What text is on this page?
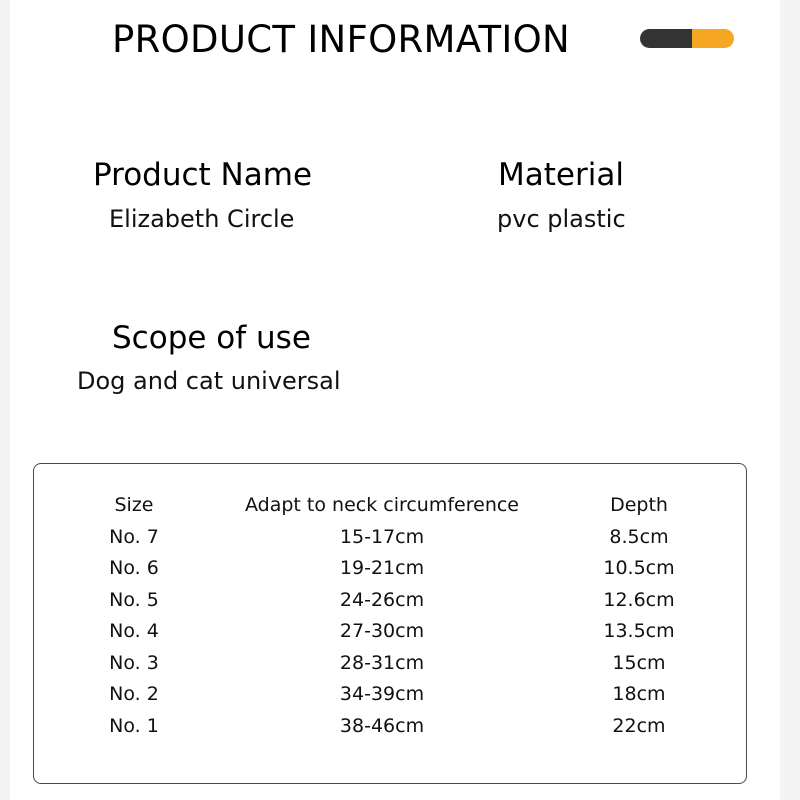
PRODUCT INFORMATION
Product Name
Elizabeth Circle
Material
pvc plastic
Scope of use
Dog and cat universal
Size	Adapt to neck circumference	Depth
No. 7	15-17cm	8.5cm
No. 6	19-21cm	10.5cm
No. 5	24-26cm	12.6cm
No. 4	27-30cm	13.5cm
No. 3	28-31cm	15cm
No. 2	34-39cm	18cm
No. 1	38-46cm	22cm
